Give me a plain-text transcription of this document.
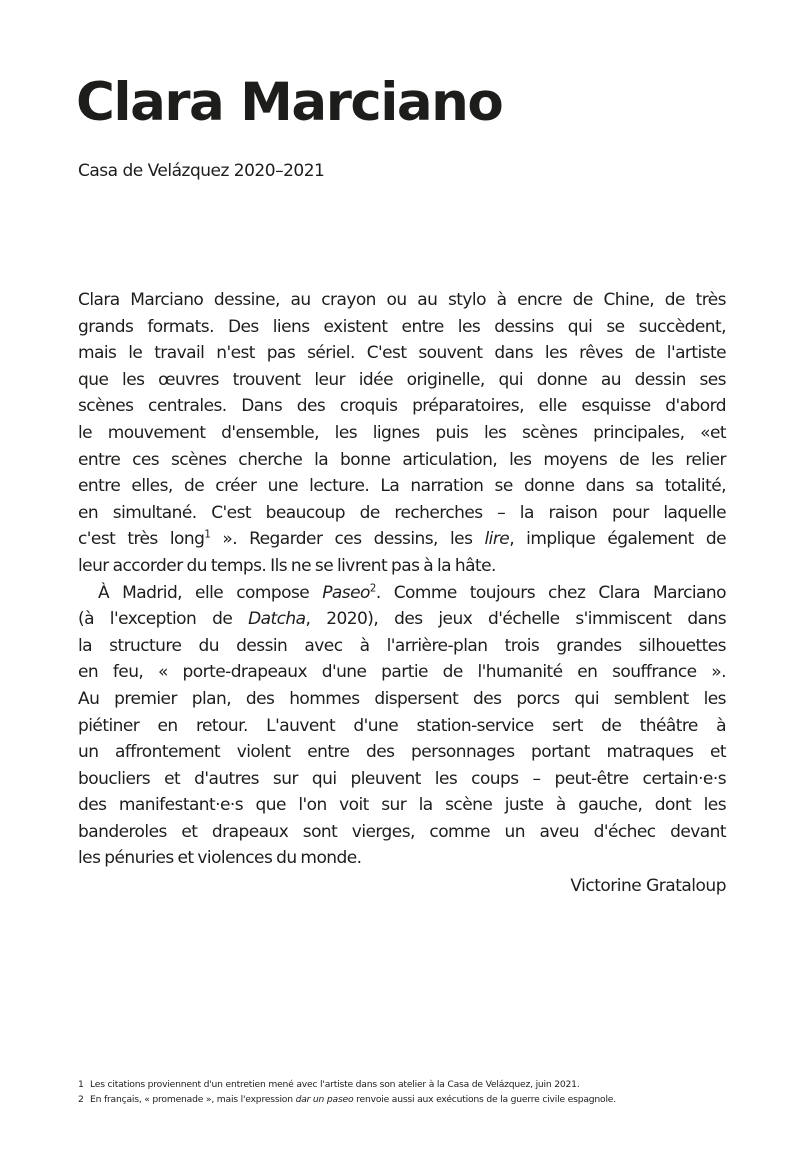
Clara Marciano

Casa de Velázquez 2020–2021

Clara Marciano dessine, au crayon ou au stylo à encre de Chine, de très
grands formats. Des liens existent entre les dessins qui se succèdent,
mais le travail n'est pas sériel. C'est souvent dans les rêves de l'artiste
que les œuvres trouvent leur idée originelle, qui donne au dessin ses
scènes centrales. Dans des croquis préparatoires, elle esquisse d'abord
le mouvement d'ensemble, les lignes puis les scènes principales, «et
entre ces scènes cherche la bonne articulation, les moyens de les relier
entre elles, de créer une lecture. La narration se donne dans sa totalité,
en simultané. C'est beaucoup de recherches – la raison pour laquelle
c'est très long$^1$ ». Regarder ces dessins, les lire, implique également de
leur accorder du temps. Ils ne se livrent pas à la hâte.
À Madrid, elle compose Paseo$^2$. Comme toujours chez Clara Marciano
(à l'exception de Datcha, 2020), des jeux d'échelle s'immiscent dans
la structure du dessin avec à l'arrière-plan trois grandes silhouettes
en feu, « porte-drapeaux d'une partie de l'humanité en souffrance ».
Au premier plan, des hommes dispersent des porcs qui semblent les
piétiner en retour. L'auvent d'une station-service sert de théâtre à
un affrontement violent entre des personnages portant matraques et
boucliers et d'autres sur qui pleuvent les coups – peut-être certain·e·s
des manifestant·e·s que l'on voit sur la scène juste à gauche, dont les
banderoles et drapeaux sont vierges, comme un aveu d'échec devant
les pénuries et violences du monde.

Victorine Grataloup

1 Les citations proviennent d'un entretien mené avec l'artiste dans son atelier à la Casa de Velázquez, juin 2021.
2 En français, « promenade », mais l'expression dar un paseo renvoie aussi aux exécutions de la guerre civile espagnole.
